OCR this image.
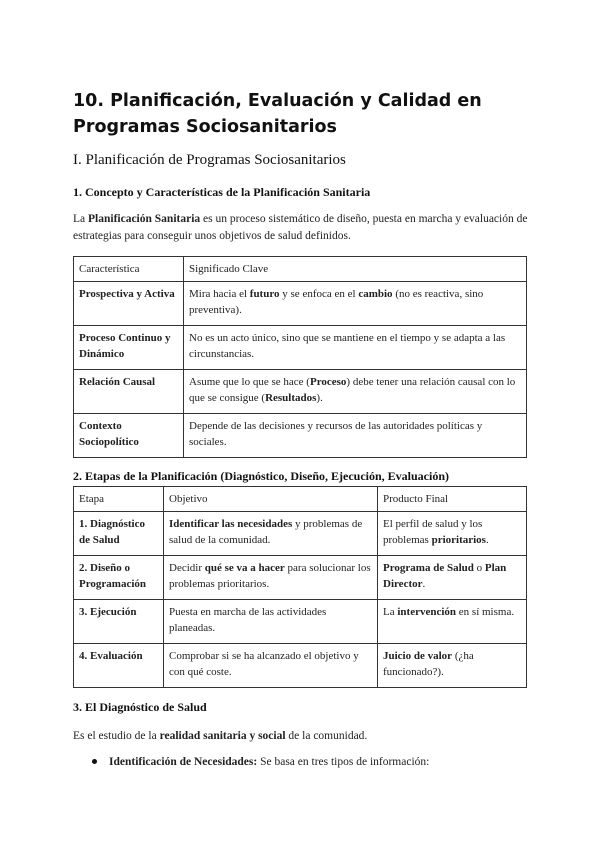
10. Planificación, Evaluación y Calidad en Programas Sociosanitarios
I. Planificación de Programas Sociosanitarios
1. Concepto y Características de la Planificación Sanitaria
La Planificación Sanitaria es un proceso sistemático de diseño, puesta en marcha y evaluación de estrategias para conseguir unos objetivos de salud definidos.
Característica	Significado Clave
Prospectiva y Activa	Mira hacia el futuro y se enfoca en el cambio (no es reactiva, sino preventiva).
Proceso Continuo y Dinámico	No es un acto único, sino que se mantiene en el tiempo y se adapta a las circunstancias.
Relación Causal	Asume que lo que se hace (Proceso) debe tener una relación causal con lo que se consigue (Resultados).
Contexto Sociopolítico	Depende de las decisiones y recursos de las autoridades políticas y sociales.
2. Etapas de la Planificación (Diagnóstico, Diseño, Ejecución, Evaluación)
Etapa	Objetivo	Producto Final
1. Diagnóstico de Salud	Identificar las necesidades y problemas de salud de la comunidad.	El perfil de salud y los problemas prioritarios.
2. Diseño o Programación	Decidir qué se va a hacer para solucionar los problemas prioritarios.	Programa de Salud o Plan Director.
3. Ejecución	Puesta en marcha de las actividades planeadas.	La intervención en sí misma.
4. Evaluación	Comprobar si se ha alcanzado el objetivo y con qué coste.	Juicio de valor (¿ha funcionado?).
3. El Diagnóstico de Salud
Es el estudio de la realidad sanitaria y social de la comunidad.
Identificación de Necesidades: Se basa en tres tipos de información:
